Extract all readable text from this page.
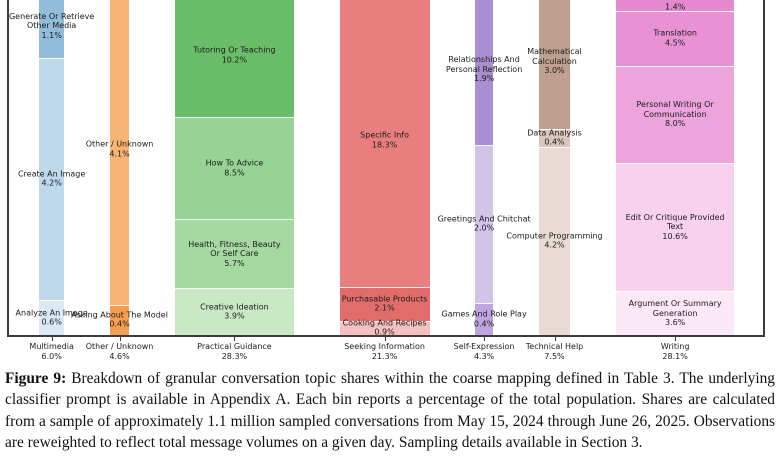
Generate Or Retrieve Other Media
1.1%
Create An Image
4.2%
Analyze An Image
0.6%
Multimedia
6.0%
Other / Unknown
4.1%
Asking About The Model
0.4%
Other / Unknown
4.6%
Tutoring Or Teaching
10.2%
How To Advice
8.5%
Health, Fitness, Beauty Or Self Care
5.7%
Creative Ideation
3.9%
Practical Guidance
28.3%
Specific Info
18.3%
Purchasable Products
2.1%
Cooking And Recipes
0.9%
Seeking Information
21.3%
Relationships And Personal Reflection
1.9%
Greetings And Chitchat
2.0%
Games And Role Play
0.4%
Self-Expression
4.3%
Mathematical Calculation
3.0%
Data Analysis
0.4%
Computer Programming
4.2%
Technical Help
7.5%
1.4%
Translation
4.5%
Personal Writing Or Communication
8.0%
Edit Or Critique Provided Text
10.6%
Argument Or Summary Generation
3.6%
Writing
28.1%
Figure 9: Breakdown of granular conversation topic shares within the coarse mapping defined in Table 3. The underlying classifier prompt is available in Appendix A. Each bin reports a percentage of the total population. Shares are calculated from a sample of approximately 1.1 million sampled conversations from May 15, 2024 through June 26, 2025. Observations are reweighted to reflect total message volumes on a given day. Sampling details available in Section 3.
